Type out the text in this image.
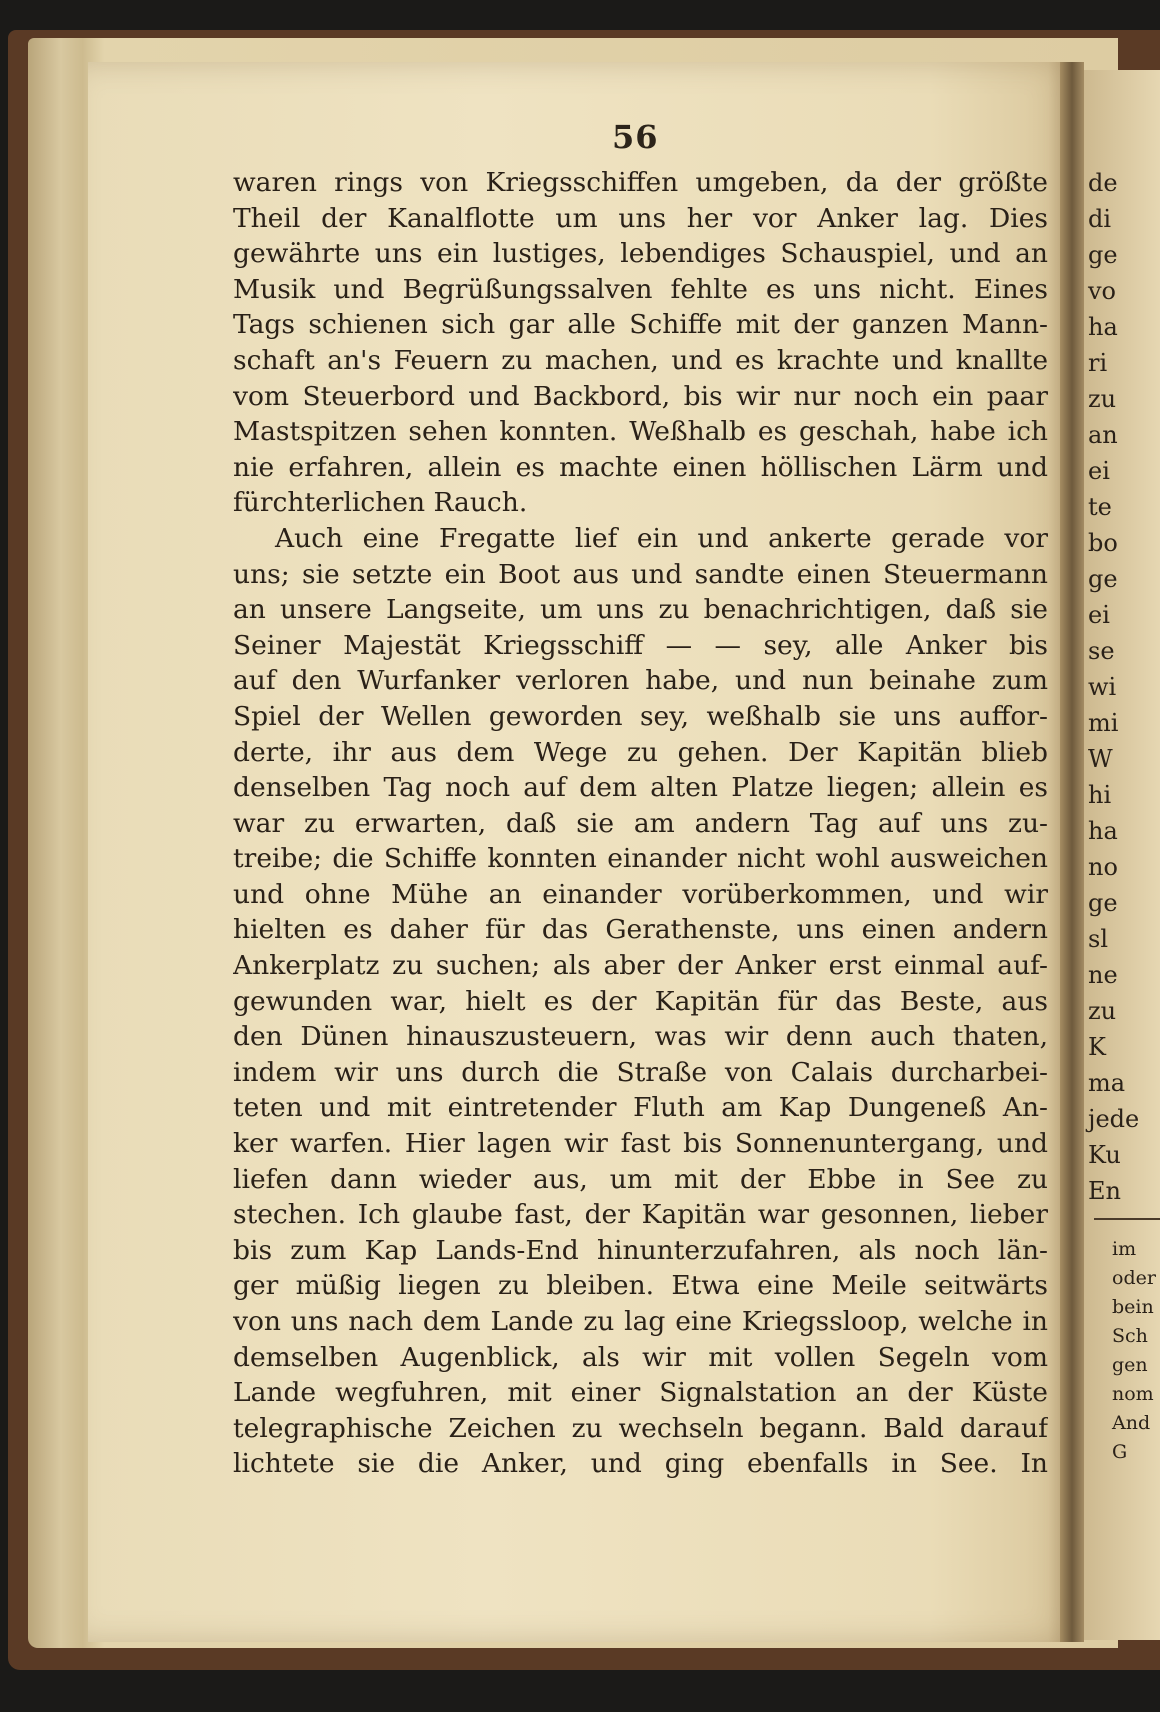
de
di
ge
vo
ha
ri
zu
an
ei
te
bo
ge
ei
se
wi
mi
W
hi
ha
no
ge
sl
ne
zu
K
ma
jede
Ku
En
im
oder
bein
Sch
gen
nom
And
G
56
waren rings von Kriegsschiffen umgeben, da der größte
Theil der Kanalflotte um uns her vor Anker lag. Dies
gewährte uns ein lustiges, lebendiges Schauspiel, und an
Musik und Begrüßungssalven fehlte es uns nicht. Eines
Tags schienen sich gar alle Schiffe mit der ganzen Mann-
schaft an's Feuern zu machen, und es krachte und knallte
vom Steuerbord und Backbord, bis wir nur noch ein paar
Mastspitzen sehen konnten. Weßhalb es geschah, habe ich
nie erfahren, allein es machte einen höllischen Lärm und
fürchterlichen Rauch.
Auch eine Fregatte lief ein und ankerte gerade vor
uns; sie setzte ein Boot aus und sandte einen Steuermann
an unsere Langseite, um uns zu benachrichtigen, daß sie
Seiner Majestät Kriegsschiff — — sey, alle Anker bis
auf den Wurfanker verloren habe, und nun beinahe zum
Spiel der Wellen geworden sey, weßhalb sie uns auffor-
derte, ihr aus dem Wege zu gehen. Der Kapitän blieb
denselben Tag noch auf dem alten Platze liegen; allein es
war zu erwarten, daß sie am andern Tag auf uns zu-
treibe; die Schiffe konnten einander nicht wohl ausweichen
und ohne Mühe an einander vorüberkommen, und wir
hielten es daher für das Gerathenste, uns einen andern
Ankerplatz zu suchen; als aber der Anker erst einmal auf-
gewunden war, hielt es der Kapitän für das Beste, aus
den Dünen hinauszusteuern, was wir denn auch thaten,
indem wir uns durch die Straße von Calais durcharbei-
teten und mit eintretender Fluth am Kap Dungeneß An-
ker warfen. Hier lagen wir fast bis Sonnenuntergang, und
liefen dann wieder aus, um mit der Ebbe in See zu
stechen. Ich glaube fast, der Kapitän war gesonnen, lieber
bis zum Kap Lands-End hinunterzufahren, als noch län-
ger müßig liegen zu bleiben. Etwa eine Meile seitwärts
von uns nach dem Lande zu lag eine Kriegssloop, welche in
demselben Augenblick, als wir mit vollen Segeln vom
Lande wegfuhren, mit einer Signalstation an der Küste
telegraphische Zeichen zu wechseln begann. Bald darauf
lichtete sie die Anker, und ging ebenfalls in See. In
